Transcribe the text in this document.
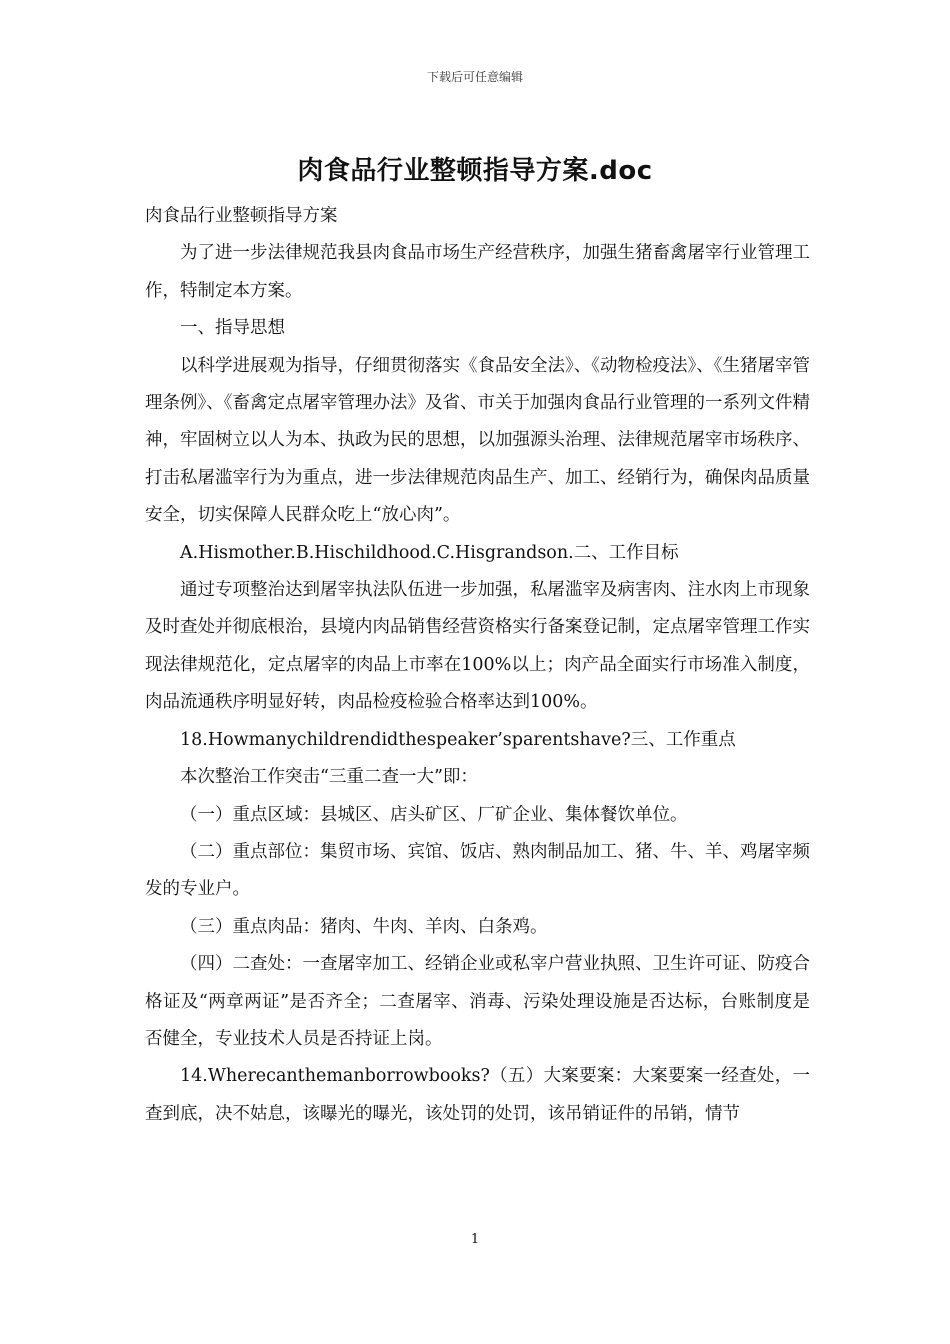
下载后可任意编辑
肉食品行业整顿指导方案.doc

肉食品行业整顿指导方案

为了进一步法律规范我县肉食品市场生产经营秩序，加强生猪畜禽屠宰行业管理工作，特制定本方案。

一、指导思想

以科学进展观为指导，仔细贯彻落实《食品安全法》、《动物检疫法》、《生猪屠宰管理条例》、《畜禽定点屠宰管理办法》及省、市关于加强肉食品行业管理的一系列文件精神，牢固树立以人为本、执政为民的思想，以加强源头治理、法律规范屠宰市场秩序、打击私屠滥宰行为为重点，进一步法律规范肉品生产、加工、经销行为，确保肉品质量安全，切实保障人民群众吃上“放心肉”。

A.Hismother.B.Hischildhood.C.Hisgrandson.二、工作目标

通过专项整治达到屠宰执法队伍进一步加强，私屠滥宰及病害肉、注水肉上市现象及时查处并彻底根治，县境内肉品销售经营资格实行备案登记制，定点屠宰管理工作实现法律规范化，定点屠宰的肉品上市率在100%以上；肉产品全面实行市场准入制度，肉品流通秩序明显好转，肉品检疫检验合格率达到100%。

18.Howmanychildrendidthespeaker’sparentshave?三、工作重点

本次整治工作突击“三重二查一大”即：

（一）重点区域：县城区、店头矿区、厂矿企业、集体餐饮单位。

（二）重点部位：集贸市场、宾馆、饭店、熟肉制品加工、猪、牛、羊、鸡屠宰频发的专业户。

（三）重点肉品：猪肉、牛肉、羊肉、白条鸡。

（四）二查处：一查屠宰加工、经销企业或私宰户营业执照、卫生许可证、防疫合格证及“两章两证”是否齐全；二查屠宰、消毒、污染处理设施是否达标，台账制度是否健全，专业技术人员是否持证上岗。

14.Wherecanthemanborrowbooks?（五）大案要案：大案要案一经查处，一查到底，决不姑息，该曝光的曝光，该处罚的处罚，该吊销证件的吊销，情节

1
